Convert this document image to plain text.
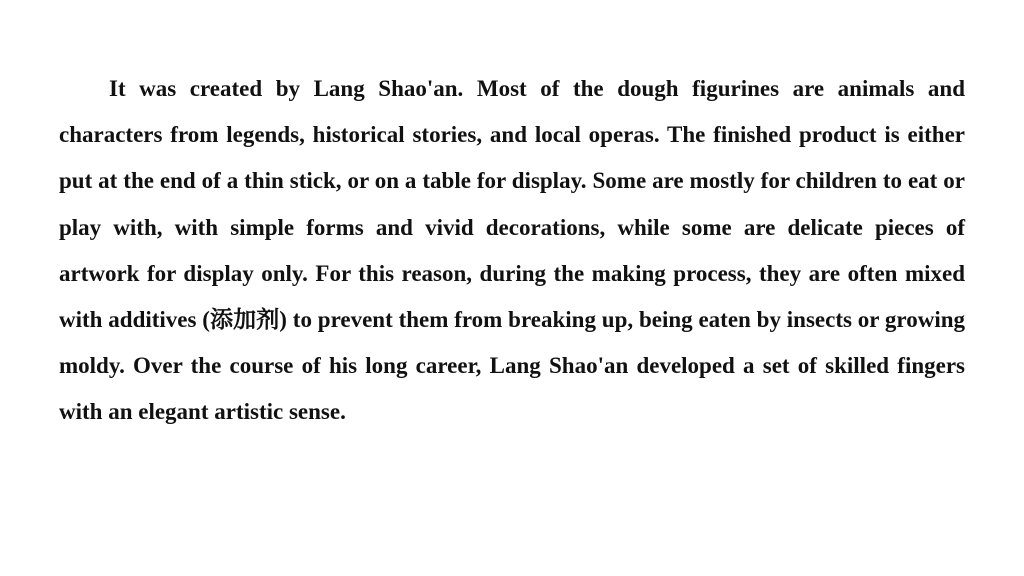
It was created by Lang Shao'an. Most of the dough figurines are animals and characters from legends, historical stories, and local operas. The finished product is either put at the end of a thin stick, or on a table for display. Some are mostly for children to eat or play with, with simple forms and vivid decorations, while some are delicate pieces of artwork for display only. For this reason, during the making process, they are often mixed with additives (添加剂) to prevent them from breaking up, being eaten by insects or growing moldy. Over the course of his long career, Lang Shao'an developed a set of skilled fingers with an elegant artistic sense.
